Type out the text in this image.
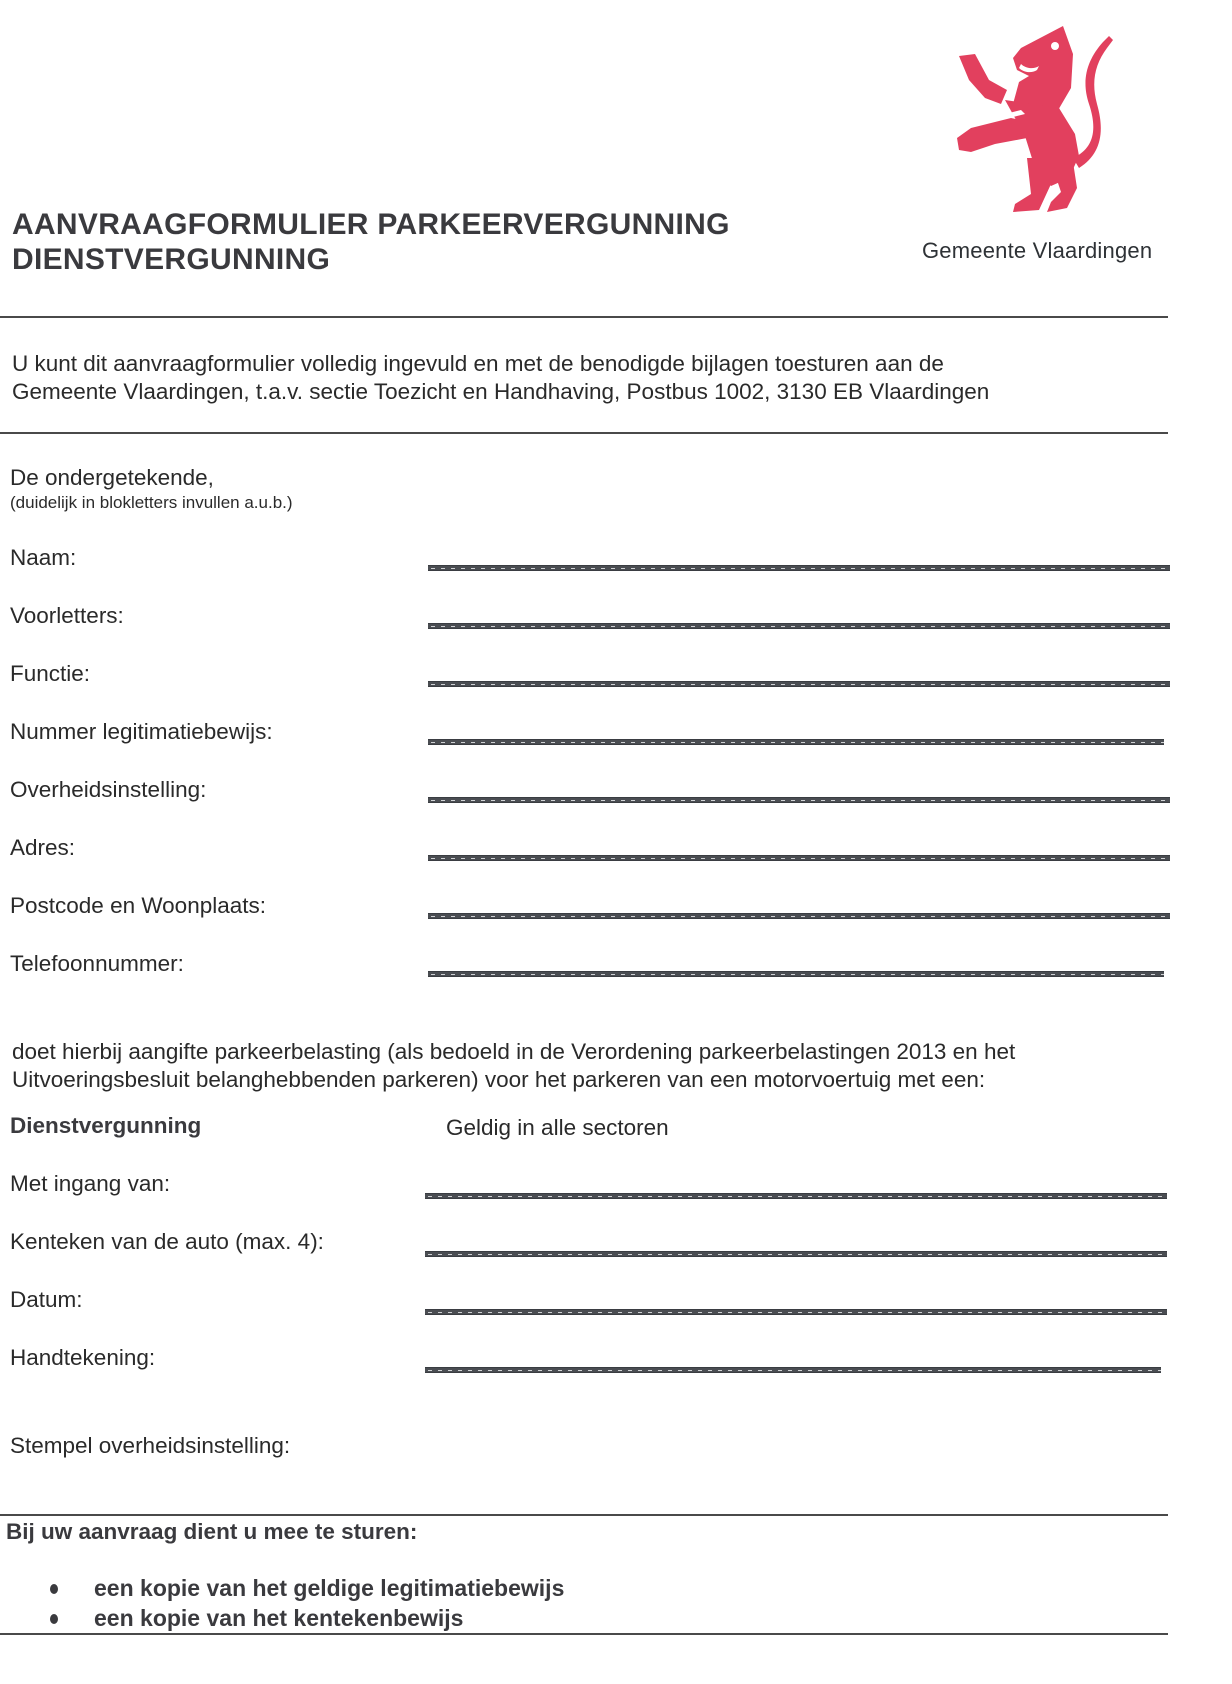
AANVRAAGFORMULIER PARKEERVERGUNNING
DIENSTVERGUNNING	Gemeente Vlaardingen
U kunt dit aanvraagformulier volledig ingevuld en met de benodigde bijlagen toesturen aan de
Gemeente Vlaardingen, t.a.v. sectie Toezicht en Handhaving, Postbus 1002, 3130 EB Vlaardingen
De ondergetekende,
(duidelijk in blokletters invullen a.u.b.)
Naam:
Voorletters:
Functie:
Nummer legitimatiebewijs:
Overheidsinstelling:
Adres:
Postcode en Woonplaats:
Telefoonnummer:
doet hierbij aangifte parkeerbelasting (als bedoeld in de Verordening parkeerbelastingen 2013 en het
Uitvoeringsbesluit belanghebbenden parkeren) voor het parkeren van een motorvoertuig met een:
Dienstvergunning	Geldig in alle sectoren
Met ingang van:
Kenteken van de auto (max. 4):
Datum:
Handtekening:
Stempel overheidsinstelling:
Bij uw aanvraag dient u mee te sturen:
een kopie van het geldige legitimatiebewijs
een kopie van het kentekenbewijs
